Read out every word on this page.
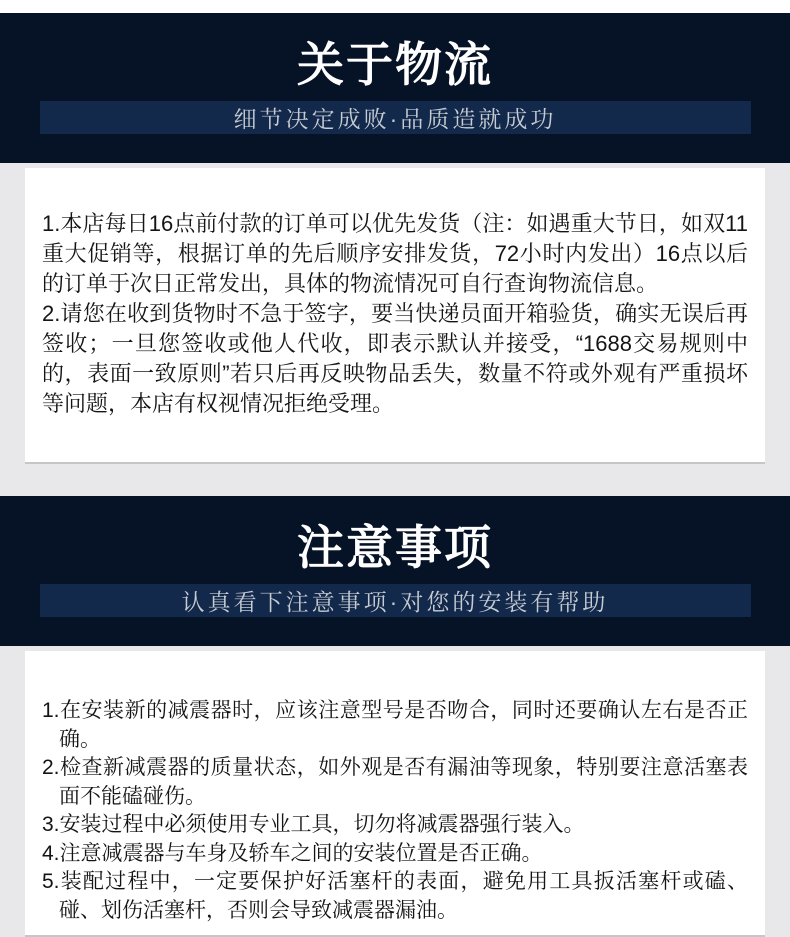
关于物流
细节决定成败·品质造就成功

1.本店每日16点前付款的订单可以优先发货（注：如遇重大节日，如双11重大促销等，根据订单的先后顺序安排发货，72小时内发出）16点以后的订单于次日正常发出，具体的物流情况可自行查询物流信息。

2.请您在收到货物时不急于签字，要当快递员面开箱验货，确实无误后再签收；一旦您签收或他人代收，即表示默认并接受，“1688交易规则中的，表面一致原则”若只后再反映物品丢失，数量不符或外观有严重损坏等问题，本店有权视情况拒绝受理。

注意事项
认真看下注意事项·对您的安装有帮助
1.在安装新的减震器时，应该注意型号是否吻合，同时还要确认左右是否正确。
2.检查新减震器的质量状态，如外观是否有漏油等现象，特别要注意活塞表面不能磕碰伤。
3.安装过程中必须使用专业工具，切勿将减震器强行装入。
4.注意减震器与车身及轿车之间的安装位置是否正确。
5.装配过程中，一定要保护好活塞杆的表面，避免用工具扳活塞杆或磕、碰、划伤活塞杆，否则会导致减震器漏油。
